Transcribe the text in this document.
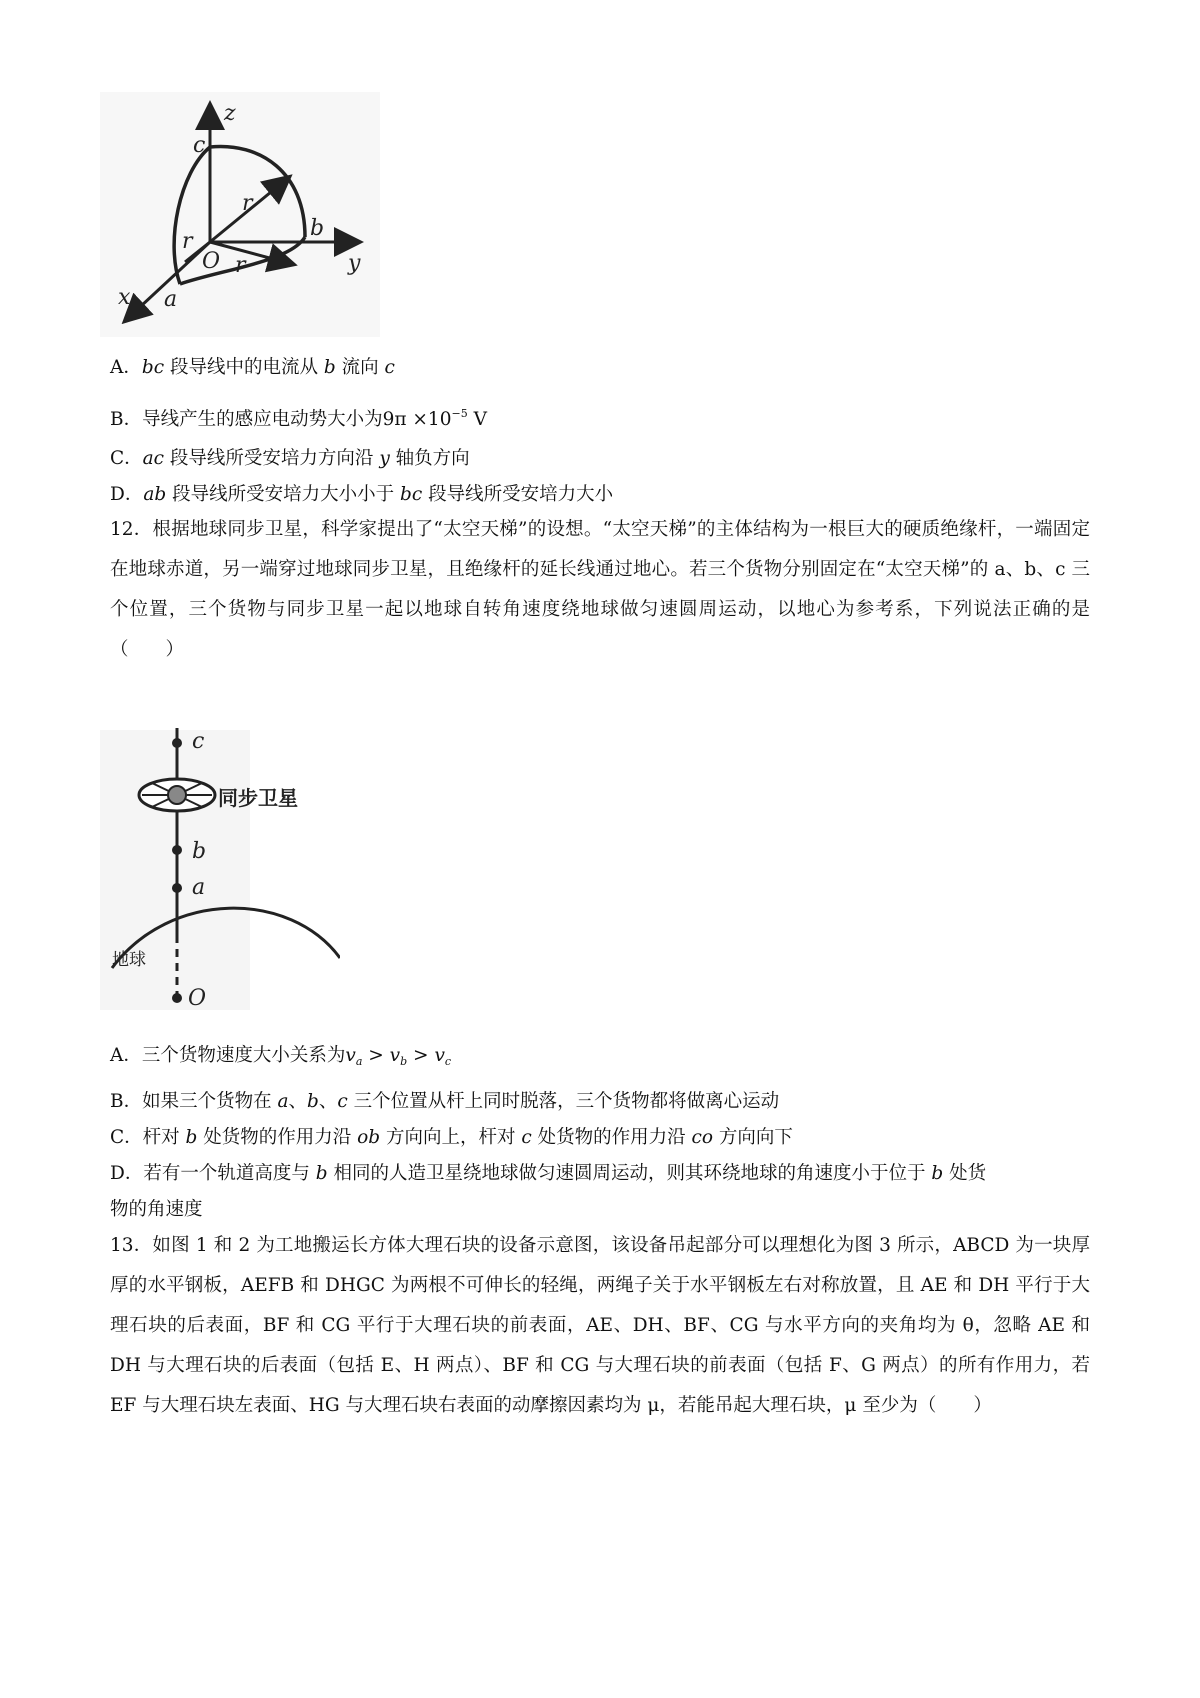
z
y
x
c
b
a
O
r
r
r
A．bc 段导线中的电流从 b 流向 c
B．导线产生的感应电动势大小为$9\pi \times 10^{-5}$ V
C．ac 段导线所受安培力方向沿 y 轴负方向
D．ab 段导线所受安培力大小小于 bc 段导线所受安培力大小
12．根据地球同步卫星，科学家提出了“太空天梯”的设想。“太空天梯”的主体结构为一根巨大的硬质绝缘杆，一端固定在地球赤道，另一端穿过地球同步卫星，且绝缘杆的延长线通过地心。若三个货物分别固定在“太空天梯”的 a、b、c 三个位置，三个货物与同步卫星一起以地球自转角速度绕地球做匀速圆周运动，以地心为参考系，下列说法正确的是（　　）
c
同步卫星
b
a
地球
O
A．三个货物速度大小关系为$v_a > v_b > v_c$
B．如果三个货物在 a、b、c 三个位置从杆上同时脱落，三个货物都将做离心运动
C．杆对 b 处货物的作用力沿 ob 方向向上，杆对 c 处货物的作用力沿 co 方向向下
D．若有一个轨道高度与 b 相同的人造卫星绕地球做匀速圆周运动，则其环绕地球的角速度小于位于 b 处货
物的角速度
13．如图 1 和 2 为工地搬运长方体大理石块的设备示意图，该设备吊起部分可以理想化为图 3 所示，ABCD 为一块厚厚的水平钢板，AEFB 和 DHGC 为两根不可伸长的轻绳，两绳子关于水平钢板左右对称放置，且 AE 和 DH 平行于大理石块的后表面，BF 和 CG 平行于大理石块的前表面，AE、DH、BF、CG 与水平方向的夹角均为 θ，忽略 AE 和 DH 与大理石块的后表面（包括 E、H 两点）、BF 和 CG 与大理石块的前表面（包括 F、G 两点）的所有作用力，若 EF 与大理石块左表面、HG 与大理石块右表面的动摩擦因素均为 μ，若能吊起大理石块，μ 至少为（　　）
